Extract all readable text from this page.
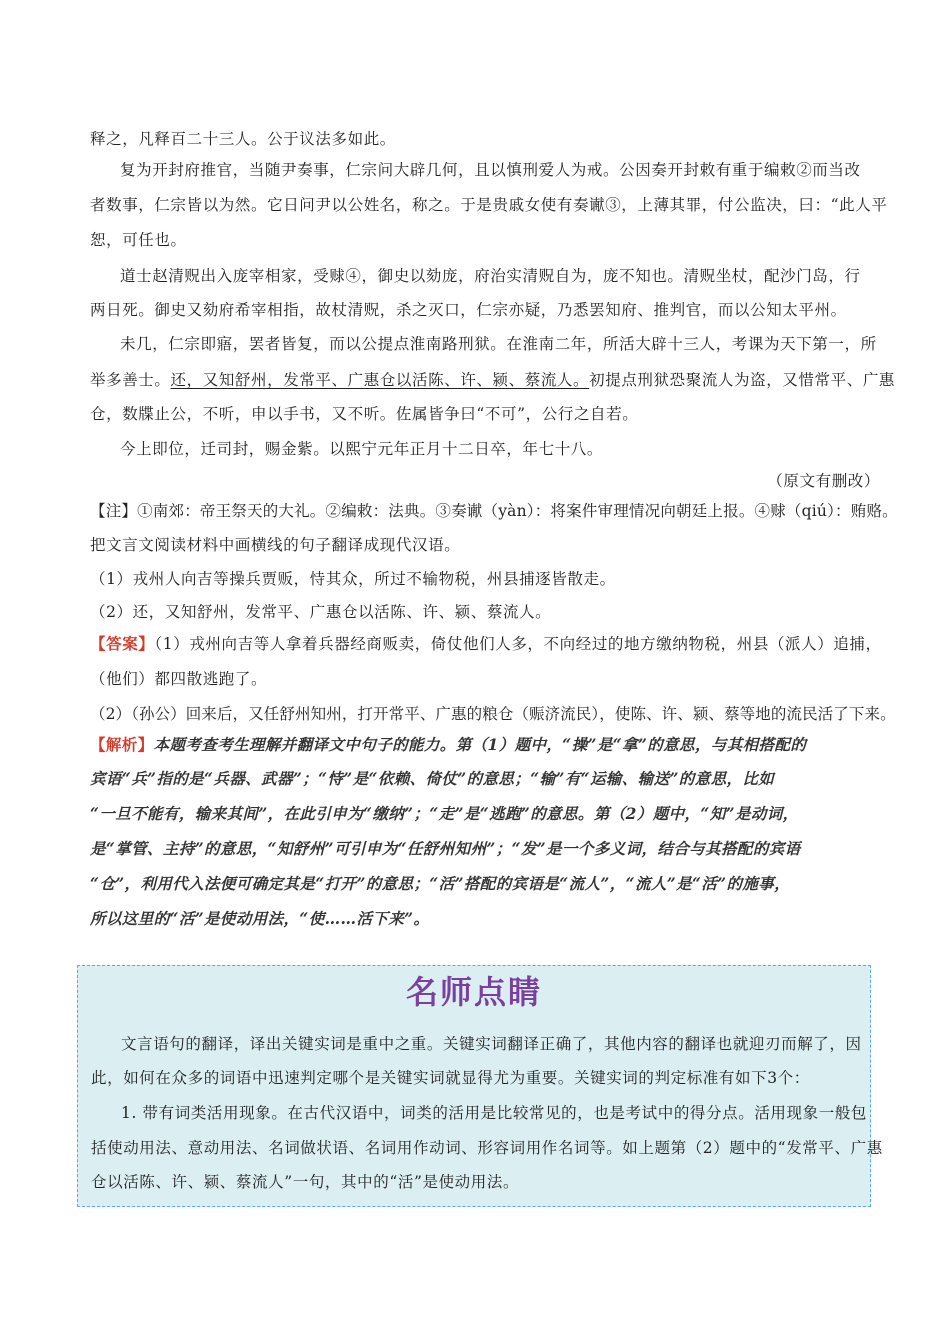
释之，凡释百二十三人。公于议法多如此。
复为开封府推官，当随尹奏事，仁宗问大辟几何，且以慎刑爱人为戒。公因奏开封敕有重于编敕②而当改
者数事，仁宗皆以为然。它日问尹以公姓名，称之。于是贵戚女使有奏谳③，上薄其罪，付公监决，曰：“此人平
恕，可任也。
道士赵清贶出入庞宰相家，受赇④，御史以劾庞，府治实清贶自为，庞不知也。清贶坐杖，配沙门岛，行
两日死。御史又劾府希宰相指，故杖清贶，杀之灭口，仁宗亦疑，乃悉罢知府、推判官，而以公知太平州。
未几，仁宗即寤，罢者皆复，而以公提点淮南路刑狱。在淮南二年，所活大辟十三人，考课为天下第一，所
举多善士。还，又知舒州，发常平、广惠仓以活陈、许、颍、蔡流人。初提点刑狱恐聚流人为盗，又惜常平、广惠
仓，数牒止公，不听，申以手书，又不听。佐属皆争曰“不可”，公行之自若。
今上即位，迁司封，赐金紫。以熙宁元年正月十二日卒，年七十八。
（原文有删改）
【注】①南郊：帝王祭天的大礼。②编敕：法典。③奏谳（yàn）：将案件审理情况向朝廷上报。④赇（qiú）：贿赂。
把文言文阅读材料中画横线的句子翻译成现代汉语。
（1）戎州人向吉等操兵贾贩，恃其众，所过不输物税，州县捕逐皆散走。
（2）还，又知舒州，发常平、广惠仓以活陈、许、颍、蔡流人。
【答案】（1）戎州向吉等人拿着兵器经商贩卖，倚仗他们人多，不向经过的地方缴纳物税，州县（派人）追捕，
（他们）都四散逃跑了。
（2）（孙公）回来后，又任舒州知州，打开常平、广惠的粮仓（赈济流民），使陈、许、颍、蔡等地的流民活了下来。
【解析】本题考查考生理解并翻译文中句子的能力。第（1）题中，“操”是“拿”的意思，与其相搭配的
宾语“兵”指的是“兵器、武器”；“恃”是“依赖、倚仗”的意思；“输”有“运输、输送”的意思，比如
“一旦不能有，输来其间”，在此引申为“缴纳”；“走”是“逃跑”的意思。第（2）题中，“知”是动词，
是“掌管、主持”的意思，“知舒州”可引申为“任舒州知州”；“发”是一个多义词，结合与其搭配的宾语
“仓”，利用代入法便可确定其是“打开”的意思；“活”搭配的宾语是“流人”，“流人”是“活”的施事，
所以这里的“活”是使动用法，“使……活下来”。
名师点睛
文言语句的翻译，译出关键实词是重中之重。关键实词翻译正确了，其他内容的翻译也就迎刃而解了，因
此，如何在众多的词语中迅速判定哪个是关键实词就显得尤为重要。关键实词的判定标准有如下3个：
1. 带有词类活用现象。在古代汉语中，词类的活用是比较常见的，也是考试中的得分点。活用现象一般包
括使动用法、意动用法、名词做状语、名词用作动词、形容词用作名词等。如上题第（2）题中的“发常平、广惠
仓以活陈、许、颍、蔡流人”一句，其中的“活”是使动用法。
